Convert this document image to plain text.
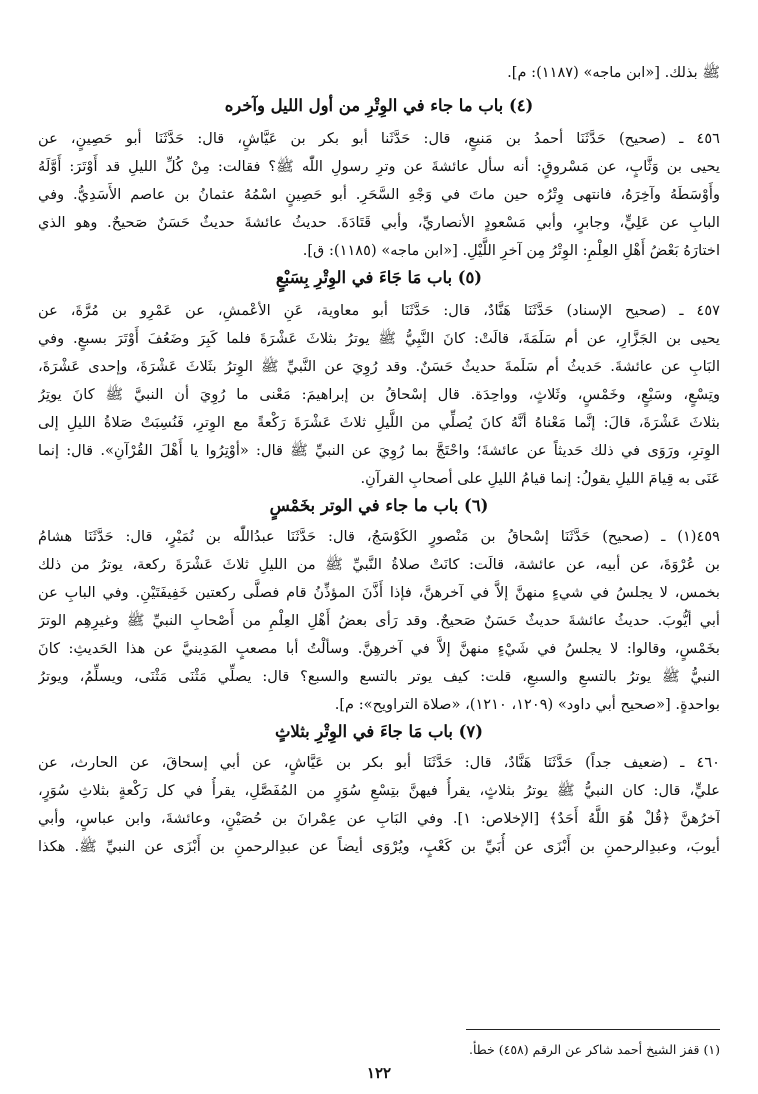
ﷺ بذلك. [«ابن ماجه» (١١٨٧): م].
(٤) باب ما جاء في الوِتْرِ من أول الليل وآخره
٤٥٦ ـ (صحيح) حَدَّثَنَا أحمدُ بن مَنيعٍ، قال: حَدَّثَنا أبو بكر بن عَيَّاشٍ، قال: حَدَّثَنَا أبو حَصِينٍ، عن
يحيى بن وَثَّابٍ، عن مَسْروقٍ: أنه سأل عائشةَ عن وترِ رسولِ اللّٰه ﷺ؟ فقالت: مِنْ كُلِّ الليلِ قد أَوْتَرَ: أَوَّلَهُ
وأَوْسَطَهُ وآخِرَهُ، فانتهى وِتْرُه حين ماتَ في وَجْهِ السَّحَرِ. أبو حَصِينٍ اسْمُهُ عثمانُ بن عاصم الأَسَدِيُّ. وفي
البابِ عن عَلِيٍّ، وجابرٍ، وأبي مَسْعودٍ الأنصاريِّ، وأبي قَتَادَةَ. حديثُ عائشةَ حديثٌ حَسَنٌ صَحيحٌ. وهو الذي
اختارَهُ بَعْضُ أَهْلِ العِلْمِ: الوِتْرُ مِن آخرِ اللَّيْلِ. [«ابن ماجه» (١١٨٥): ق].
(٥) باب مَا جَاءَ في الوِتْرِ بِسَبْعٍ
٤٥٧ ـ (صحيح الإسناد) حَدَّثَنَا هَنَّادٌ، قال: حَدَّثَنَا أبو معاوية، عَنِ الأعْمشِ، عن عَمْرِو بن مُرَّةَ، عن
يحيى بن الجَزَّارِ، عن أم سَلَمَةَ، قالَتْ: كانَ النَّبِيُّ ﷺ يوترُ بثلاثَ عَشْرَةَ فلما كَبِرَ وضَعُفَ أَوْتَرَ بسبعٍ. وفي
البَابِ عن عائشةَ. حَديثُ أم سَلَمةَ حديثٌ حَسَنٌ. وقد رُوِيَ عن النَّبيِّ ﷺ الوِترُ بثَلاثَ عَشْرَةَ، وإحدى عَشْرَةَ،
وتِسْعٍ، وسَبْعٍ، وخَمْسٍ، وثَلاثٍ، وواحِدَة. قال إسْحاقُ بن إبراهيمَ: مَعْنى ما رُوِيَ أن النبيَّ ﷺ كانَ يوتِرُ
بثلاثَ عَشْرَةَ، قالَ: إنَّما مَعْناهُ أنَّهُ كانَ يُصلِّي من اللَّيلِ ثلاثَ عَشْرَةَ رَكْعةً مع الوِترِ، فَنُسِبَتْ صَلاةُ الليلِ إلى
الوِترِ، ورَوَى في ذلك حَديثاً عن عائشةَ؛ واحْتَجَّ بما رُوِيَ عن النبيِّ ﷺ قال: «أوْتِرُوا يا أَهْلَ القُرْآنِ». قال: إنما
عَنَى به قِيامَ الليلِ يقولُ: إنما قيامُ الليلِ على أصحابِ القرآنِ.
(٦) باب ما جاء في الوتر بخَمْسٍ
٤٥٩(١) ـ (صحيح) حَدَّثَنَا إسْحاقُ بن مَنْصورٍ الكَوْسَجُ، قال: حَدَّثَنَا عبدُاللّٰه بن نُمَيْرٍ، قال: حَدَّثَنَا هشامُ
بن عُرْوَةَ، عن أبيه، عن عائشة، قالَت: كانَتْ صلاةُ النَّبيِّ ﷺ من الليلِ ثلاثَ عَشْرَةَ ركعة، يوترُ من ذلك
بخمس، لا يجلسُ في شيءٍ منهنَّ إلاَّ في آخرهنَّ، فإذا أَذَّنَ المؤذِّنُ قام فصلَّى ركعتين خَفِيفَتَيْنِ. وفي البابِ عن
أبي أيُّوبَ. حديثُ عائشةَ حديثٌ حَسَنٌ صَحيحٌ. وقد رَأى بعضُ أَهْلِ العِلْمِ من أَصْحابِ النبيِّ ﷺ وغيرِهِم الوترَ
بخَمْسٍ، وقالوا: لا يجلسُ في شَيْءٍ منهنَّ إلاَّ في آخرهِنَّ. وسألْتُ أبا مصعبٍ المَدِينيَّ عن هذا الحَديثِ: كانَ
النبيُّ ﷺ يوترُ بالتسعِ والسبعِ، قلت: كيف يوتر بالتسع والسبع؟ قال: يصلِّي مَثْنَى مَثْنَى، ويسلِّمُ، ويوترُ
بواحدةٍ. [«صحيح أبي داود» (١٢٠٩، ١٢١٠)، «صلاة التراويح»: م].
(٧) باب مَا جاءَ في الوِتْرِ بثلاثٍ
٤٦٠ ـ (ضعيف جداً) حَدَّثَنَا هَنَّادٌ، قال: حَدَّثَنَا أبو بكر بن عَيَّاشٍ، عن أبي إسحاقَ، عن الحارث، عن
عليٍّ، قال: كان النبيُّ ﷺ يوترُ بثلاثٍ، يقرأُ فيهنَّ بتِسْعِ سُوَرٍ من المُفَصَّلِ، يقرأُ في كل رَكْعةٍ بثلاثِ سُوَرٍ،
آخرُهنَّ ﴿قُلْ هُوَ اللَّهُ أَحَدٌ﴾ [الإخلاص: ١]. وفي البَابِ عن عِمْرانَ بن حُصَيْنٍ، وعائشةَ، وابن عباسٍ، وأبي
أيوبَ، وعبدِالرحمنِ بن أَبْزَى عن أُبَيِّ بن كَعْبٍ، ويُرْوَى أيضاً عن عبدِالرحمنِ بن أَبْزَى عن النبيِّ ﷺ. هكذا
(١) قفز الشيخ أحمد شاكر عن الرقم (٤٥٨) خطأ.
١٢٢
